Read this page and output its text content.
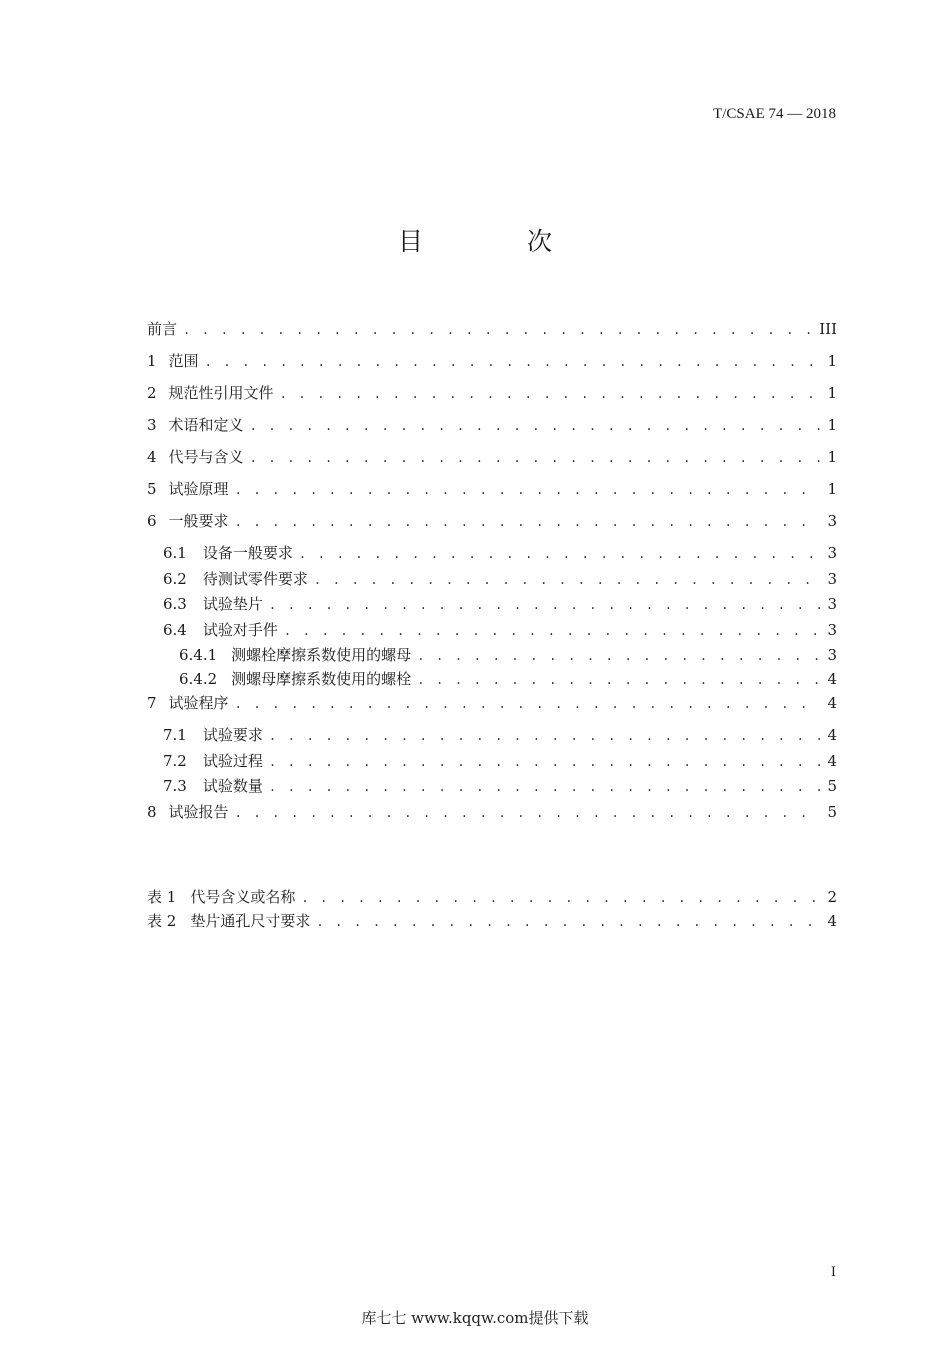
T/CSAE 74 — 2018
目 次
前言 . . .	III
1 范围 . . .	1
2 规范性引用文件 . . .	1
3 术语和定义 . . .	1
4 代号与含义 . . .	1
5 试验原理 . . .	1
6 一般要求 . . .	3
6.1 设备一般要求 . . .	3
6.2 待测试零件要求 . . .	3
6.3 试验垫片 . . .	3
6.4 试验对手件 . . .	3
6.4.1 测螺栓摩擦系数使用的螺母 . . .	3
6.4.2 测螺母摩擦系数使用的螺栓 . . .	4
7 试验程序 . . .	4
7.1 试验要求 . . .	4
7.2 试验过程 . . .	4
7.3 试验数量 . . .	5
8 试验报告 . . .	5
表 1 代号含义或名称 . . .	2
表 2 垫片通孔尺寸要求 . . .	4
I
库七七 www.kqqw.com提供下载
